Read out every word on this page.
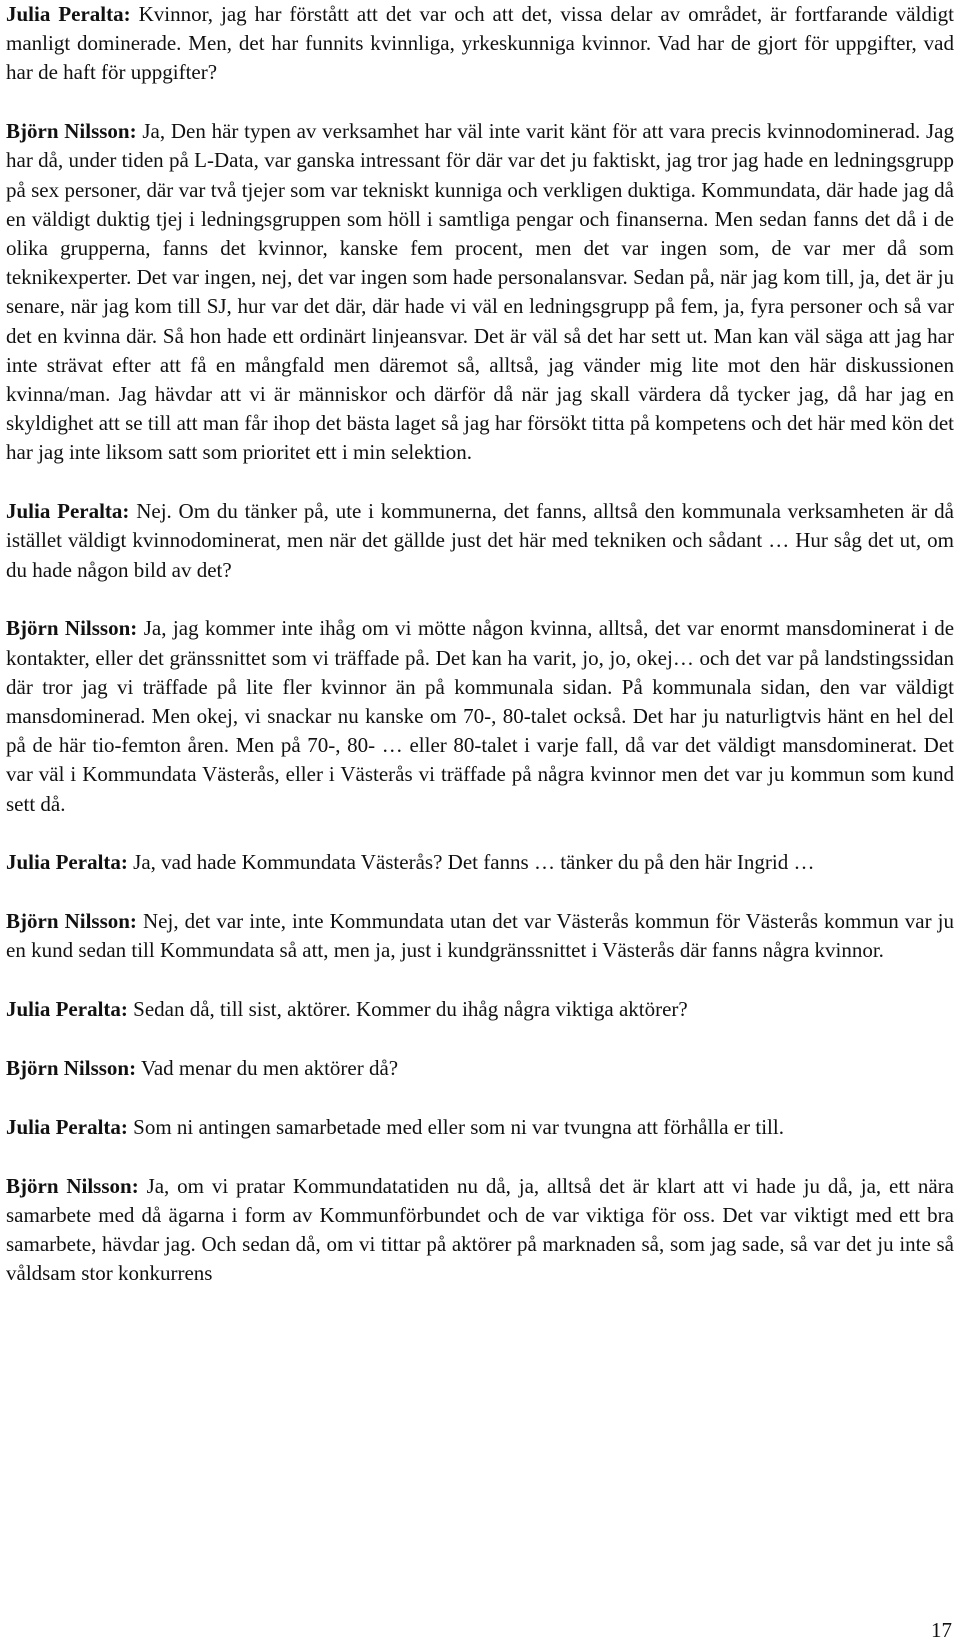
Julia Peralta: Kvinnor, jag har förstått att det var och att det, vissa delar av området, är fortfarande väldigt manligt dominerade. Men, det har funnits kvinnliga, yrkeskunniga kvinnor. Vad har de gjort för uppgifter, vad har de haft för uppgifter?

Björn Nilsson: Ja, Den här typen av verksamhet har väl inte varit känt för att vara precis kvinnodominerad. Jag har då, under tiden på L-Data, var ganska intressant för där var det ju faktiskt, jag tror jag hade en ledningsgrupp på sex personer, där var två tjejer som var tekniskt kunniga och verkligen duktiga. Kommundata, där hade jag då en väldigt duktig tjej i ledningsgruppen som höll i samtliga pengar och finanserna. Men sedan fanns det då i de olika grupperna, fanns det kvinnor, kanske fem procent, men det var ingen som, de var mer då som teknikexperter. Det var ingen, nej, det var ingen som hade personalansvar. Sedan på, när jag kom till, ja, det är ju senare, när jag kom till SJ, hur var det där, där hade vi väl en ledningsgrupp på fem, ja, fyra personer och så var det en kvinna där. Så hon hade ett ordinärt linjeansvar. Det är väl så det har sett ut. Man kan väl säga att jag har inte strävat efter att få en mångfald men däremot så, alltså, jag vänder mig lite mot den här diskussionen kvinna/man. Jag hävdar att vi är människor och därför då när jag skall värdera då tycker jag, då har jag en skyldighet att se till att man får ihop det bästa laget så jag har försökt titta på kompetens och det här med kön det har jag inte liksom satt som prioritet ett i min selektion.

Julia Peralta: Nej. Om du tänker på, ute i kommunerna, det fanns, alltså den kommunala verksamheten är då istället väldigt kvinnodominerat, men när det gällde just det här med tekniken och sådant … Hur såg det ut, om du hade någon bild av det?

Björn Nilsson: Ja, jag kommer inte ihåg om vi mötte någon kvinna, alltså, det var enormt mansdominerat i de kontakter, eller det gränssnittet som vi träffade på. Det kan ha varit, jo, jo, okej… och det var på landstingssidan där tror jag vi träffade på lite fler kvinnor än på kommunala sidan. På kommunala sidan, den var väldigt mansdominerad. Men okej, vi snackar nu kanske om 70-, 80-talet också. Det har ju naturligtvis hänt en hel del på de här tio-femton åren. Men på 70-, 80- … eller 80-talet i varje fall, då var det väldigt mansdominerat. Det var väl i Kommundata Västerås, eller i Västerås vi träffade på några kvinnor men det var ju kommun som kund sett då.

Julia Peralta: Ja, vad hade Kommundata Västerås? Det fanns … tänker du på den här Ingrid …

Björn Nilsson: Nej, det var inte, inte Kommundata utan det var Västerås kommun för Västerås kommun var ju en kund sedan till Kommundata så att, men ja, just i kundgränssnittet i Västerås där fanns några kvinnor.

Julia Peralta: Sedan då, till sist, aktörer. Kommer du ihåg några viktiga aktörer?

Björn Nilsson: Vad menar du men aktörer då?

Julia Peralta: Som ni antingen samarbetade med eller som ni var tvungna att förhålla er till.

Björn Nilsson: Ja, om vi pratar Kommundatatiden nu då, ja, alltså det är klart att vi hade ju då, ja, ett nära samarbete med då ägarna i form av Kommunförbundet och de var viktiga för oss. Det var viktigt med ett bra samarbete, hävdar jag. Och sedan då, om vi tittar på aktörer på marknaden så, som jag sade, så var det ju inte så våldsam stor konkurrens

17
